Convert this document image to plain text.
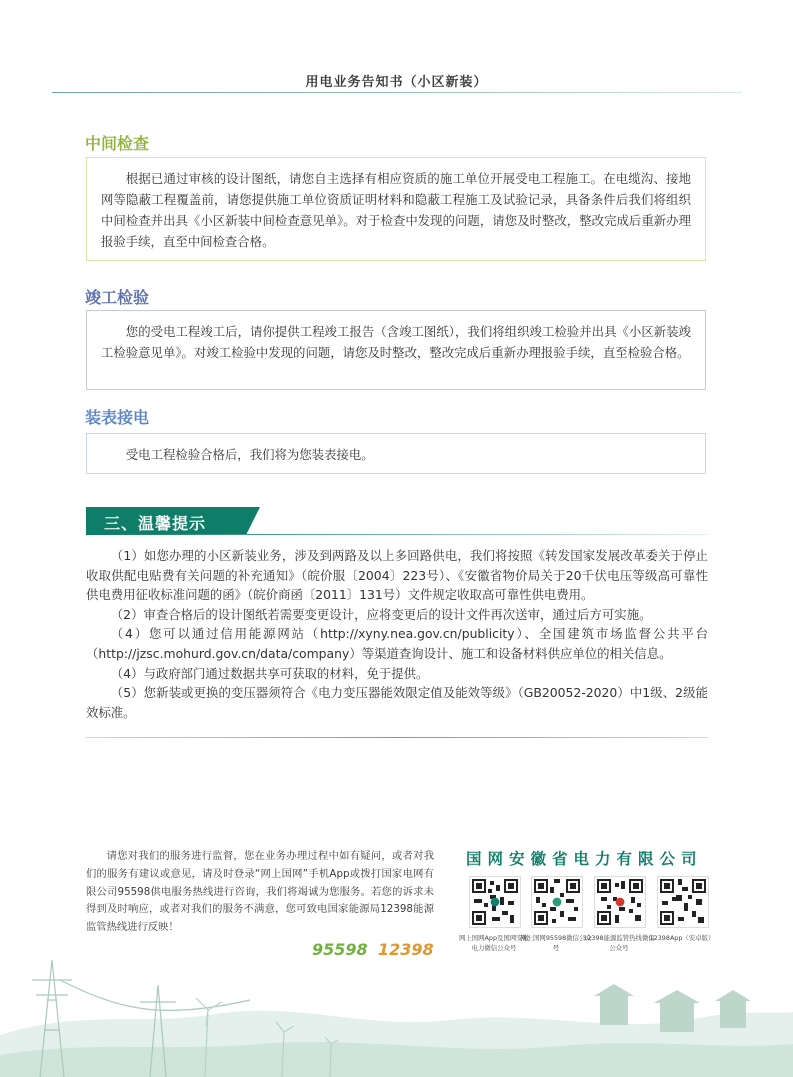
用电业务告知书（小区新装）
中间检查

根据已通过审核的设计图纸，请您自主选择有相应资质的施工单位开展受电工程施工。在电缆沟、接地网等隐蔽工程覆盖前，请您提供施工单位资质证明材料和隐蔽工程施工及试验记录，具备条件后我们将组织中间检查并出具《小区新装中间检查意见单》。对于检查中发现的问题，请您及时整改，整改完成后重新办理报验手续，直至中间检查合格。

竣工检验

您的受电工程竣工后，请你提供工程竣工报告（含竣工图纸），我们将组织竣工检验并出具《小区新装竣工检验意见单》。对竣工检验中发现的问题，请您及时整改，整改完成后重新办理报验手续，直至检验合格。

装表接电

受电工程检验合格后，我们将为您装表接电。

三、温馨提示

（1）如您办理的小区新装业务，涉及到两路及以上多回路供电，我们将按照《转发国家发展改革委关于停止收取供配电贴费有关问题的补充通知》（皖价服〔2004〕223号）、《安徽省物价局关于20千伏电压等级高可靠性供电费用征收标准问题的函》（皖价商函〔2011〕131号）文件规定收取高可靠性供电费用。

（2）审查合格后的设计图纸若需要变更设计，应将变更后的设计文件再次送审，通过后方可实施。

（4）您可以通过信用能源网站（http://xyny.nea.gov.cn/publicity）、全国建筑市场监督公共平台（http://jzsc.mohurd.gov.cn/data/company）等渠道查询设计、施工和设备材料供应单位的相关信息。

（4）与政府部门通过数据共享可获取的材料，免于提供。

（5）您新装或更换的变压器须符合《电力变压器能效限定值及能效等级》（GB20052-2020）中1级、2级能效标准。

请您对我们的服务进行监督，您在业务办理过程中如有疑问，或者对我们的服务有建议或意见，请及时登录“网上国网”手机App或拨打国家电网有限公司95598供电服务热线进行咨询，我们将竭诚为您服务。若您的诉求未得到及时响应，或者对我们的服务不满意，您可致电国家能源局12398能源监管热线进行反映！

95598 12398
国网安徽省电力有限公司
网上国网App及国网安徽电力微信公众号
网上国网95598微信公众号
12398能源监管热线微信公众号
12398App（安卓版）
